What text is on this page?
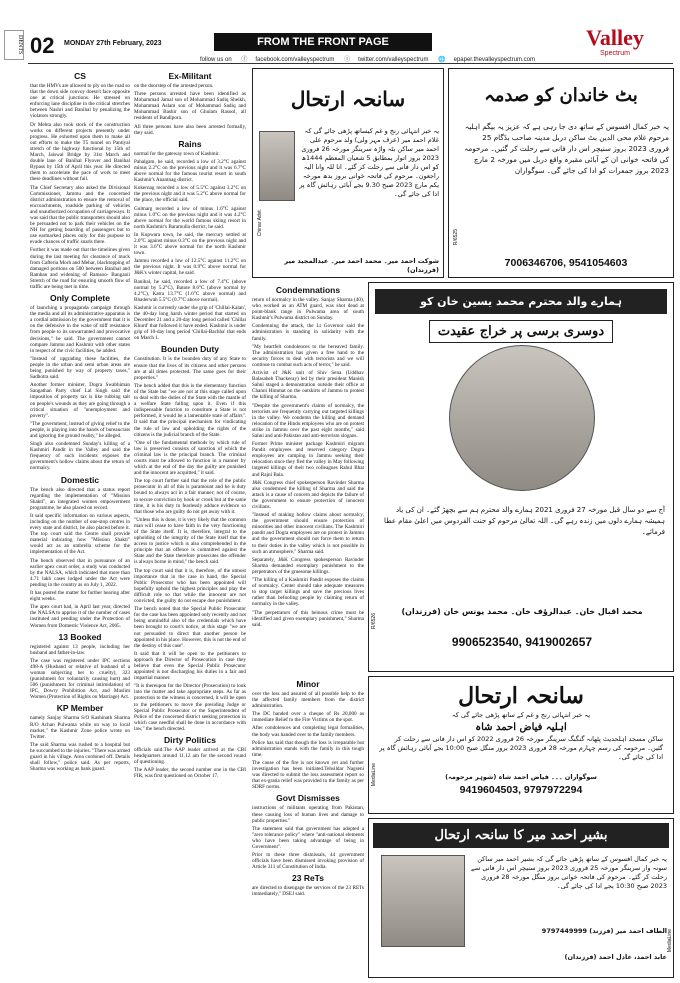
DENTS 02 MONDAY 27th February, 2023	FROM THE FRONT PAGE
follow us on ⓕ facebook.com/valleyspectrum ⓣ twitter.com/valleyspectrum 🌐 epaper.thevalleyspectrum.com
Valley
Spectrum
CS

that the HMVs are allowed to ply on the road so that the down side convoy doesn't face opposite one at critical junctions. He stressed on enforcing lane discipline in the critical stretches between Nashri and Banihal by penalizing the violators strongly.

Dr Mehta also took stock of the construction works on different projects presently under progress. He exhorted upon them to make all out efforts to make the T5 tunnel on Pantiyal stretch of the highway functional by 15th of March, Jaiswal Bridge by 31st March and double lane of Banihal Flyover and Banihal Bypass by 15th of April this year. He directed them to accelerate the pace of work to meet these deadlines without fail.

The Chief Secretary also asked the Divisional Commissioner, Jammu and the concerned district administration to ensure the removal of encroachments, roadside parking of vehicles and unauthorized occupation of carriageways. It was said that the public transporters should also be persuaded not to park their vehicles on the NH for getting boarding of passengers but to use earmarked places only for this purpose to evade chances of traffic snarls there.

Further it was made out that the timelines given during the last meeting for clearance of muck from Cafteria Morh and Mehar, blacktopping of damaged portions on 500 between Banihal and Ramban and widening of Ramsoo- Banganii Stretch of the road for ensuring smooth flow of traffic are being met in time.

Only Complete

of launching a propaganda campaign through the media and all its administrative apparatus is a cordial admission by the government that it is on the defensive in the wake of stiff resistance from people to its unwarranted and provocative decisions," he said. The government cannot compare Jammu and Kashmir with other states in respect of the civic facilities, he added.

"Instead of upgrading these facilities, the people in the urban and semi urban areas are being punished by way of property taxes," Sadhotra said.

Another former minister, Dogra Swabhiman Sangathan Party chief Lal Singh said the imposition of property tax is like rubbing salt on people's wounds as they are going through a critical situation of "unemployment and poverty".

"The government, instead of giving relief to the people, is playing into the hands of bureaucrats and ignoring the ground reality," he alleged.

Singh also condemned Sunday's killing of a Kashmiri Pandit in the Valley and said the frequency of such incidents exposes the government's hollow claims about the return of normalcy.

Domestic

The bench also directed that a status report regarding the implementation of "Mission Shakti", an integrated women empowerment programme, be also placed on record.

It said specific information on various aspects, including on the number of one-stop centres in every state and district, be also placed before it. The top court said the Centre shall provide material indicating how "Mission Shakti" would act as an umbrella scheme for the implementation of the Act.

The bench observed that in pursuance of an earlier apex court order, a study was conducted by the NALSA, which indicated that more than 4.71 lakh cases lodged under the Act were pending in the country as on July 1, 2022.

It has posted the matter for further hearing after eight weeks.

The apex court had, in April last year, directed the NALSA to apprise it of the number of cases instituted and pending under the Protection of Women from Domestic Violence Act, 2005.

13 Booked

registered against 13 people, including her husband and father-in-law.

The case was registered under IPC sections 498-A (Husband or relative of husband of a woman subjecting her to cruelty), 323 (punishment for voluntarily causing hurt) and 506 (punishment for criminal intimidation) of IPC, Dowry Prohibition Act, and Muslim Women (Protection of Rights on Marriage) Act.

KP Member

namely Sanjay Sharma S/O Kashinath Sharma R/O Achan Pulwama while on way to local market," the Kashmir Zone police wrote on Twitter.

The said Sharma was rushed to a hospital but he succumbed to the injuries. "There was armed guard in his village. Area cordoned off. Details shall follow," police said. As per reports, Sharma was working as bank guard.

Ex-Militant

on the doorstep of the arrested person.

Three persons arrested have been identified as Mohammad Jamal son of Mohammad Sadiq Sheikh, Mohammad Aslam son of Mohammad Sadiq and Mohammad Bashir son of Ghulam Rasool, all residents of Bandipora.

All three persons have also been arrested formally, they said.

Rains

normal for the gateway town of Kashmir.

Pahalgam, he said, recorded a low of 3.2°C against minus 2.2°C on the previous night and it was 6.7°C above normal for the famous tourist resort in south Kashmir's Anantnag district.

Kokernag recorded a low of 5.5°C against 3.2°C on the previous night and it was 5.2°C above normal for the place, the official said.

Gulmarg recorded a low of minus 1.6°C against minus 1.0°C on the previous night and it was 4.2°C above normal for the world famous skiing resort in north Kashmir's Baramulla district, he said.

In Kupwara town, he said, the mercury settled at 2.0°C against minus 0.3°C on the previous night and it was 3.6°C above normal for the north Kashmir town.

Jammu recorded a low of 12.5°C against 11.2°C on the previous night. It was 0.9°C above normal for J&K's winter capital, he said.

Banihal, he said, recorded a low of 7.4°C (above normal by 5.2°C), Batote 8.6°C (above normal by 4.2°C), Katra 13.7°C (1.6°C above normal) and Bhaderwah 5.5°C (0.7°C above normal).

Kashmir is currently under the grip of 'Chillai-Kalan', the 40-day long harsh winter period that started on December 21 and a 20-day long period called 'Chillai Khurd' that followed it have ended. Kashmir is under grip of 10-day long period 'Chillai-Bachha' that ends on March 1.

Bounden Duty

Constitution. It is the bounden duty of any State to ensure that the lives of its citizens and other persons are at all times protected. The same goes for their properties."

The bench added that this is the elementary function of the State but "we are not at this stage called upon to deal with the duties of the State with the mantle of a welfare State falling upon it. Even if this indispensable function to constitute a State is not performed, it would be a lamentable state of affairs". It said that the principal mechanism for vindicating the rule of law and upholding the rights of the citizens is the judicial branch of the State.

"One of the fundamental methods by which rule of law is preserved consists of sanction of which the criminal law is the principal branch. The criminal courts must be allowed to function in a manner by which at the end of the day the guilty are punished and the innocent are acquitted," it said.

The top court further said that the role of the public prosecutor in all of this is paramount and he is duty bound to always act in a fair manner; not of course, to secure conviction by hook or crook but at the same time, it is his duty to fearlessly adduce evidence so that those who are guilty do not get away with it.

"Unless this is done, it is very likely that the common man will cease to have faith in the very functioning of the State itself. It is, therefore, integral to the upholding of the integrity of the State itself that the access to justice which is also comprehended in the principle that an offence is committed against the State and the State therefore prosecutes the offender is always borne in mind," the bench said.

The top court said that it is, therefore, of the utmost importance that in the case in hand, the Special Public Prosecutor who has been appointed will hopefully uphold the highest principles and play the difficult role so that while the innocent are not convicted, the guilty do not escape due punishment.

The bench noted that the Special Public Prosecutor for the case has been appointed only recently and not being unmindful also of the credentials which have been brought to court's notice, at this stage "we are not persuaded to direct that another person be appointed in his place. However, this is not the end of the destiny of this case".

It said that it will be open to the petitioners to approach the Director of Prosecution in case they believe that even the Special Public Prosecutor appointed is not discharging his duties in a fair and impartial manner.

"It is thereupon for the Director (Prosecution) to look into the matter and take appropriate steps. As far as protection to the witness is concerned, it will be open to the petitioners to move the presiding Judge or Special Public Prosecutor or the Superintendent of Police of the concerned district seeking protection in which case needful shall be done in accordance with law," the bench directed.

Dirty Politics

officials said.The AAP leader arrived at the CBI headquarters around 11.12 am for the second round of questioning.

The AAP leader, the second number one in the CBI FIR, was first questioned on October 17.

سانحہ ارتحال
Chinar Advt.
یہ خبر انتہائی رنج و غم کیساتھ پڑھی جائے گی کہ غلام احمد میر (عرف مہر ولی) ولد مرحوم علی احمد میر ساکن بٹہ واڑہ سرینگر مورخہ 26 فروری 2023 بروز اتوار بمطابق 5 شعبان المعظم 1444ھ کو اس دار فانی سے رحلت کر گئے۔ انا للہ وانا الیہ راجعون۔ مرحوم کی فاتحہ خوانی بروز بدھ مورخہ یکم مارچ 2023 صبح 9.30 بجے آبائی رہائش گاہ پر ادا کی جائے گی۔
شوکت احمد میر۔ محمد احمد میر۔ عبدالمجید میر (فرزندان)
بٹ خاندان کو صدمہ
R/6525
یہ خبر کمال افسوس کے ساتھ دی جا رہی ہے کہ عزیز یہ بیگم اہلیہ مرحوم غلام محی الدین بٹ ساکن دربل مدینہ صاحب بڈگام 25 فروری 2023 بروز سنیچر اس دار فانی سے رحلت کر گئیں۔ مرحومہ کی فاتحہ خوانی ان کے آبائی مقبرہ واقع دربل میں مورخہ 2 مارچ 2023 بروز جمعرات کو ادا کی جائے گی۔ سوگواران
7006346706, 9541054603
Condemnations

return of normalcy in the valley. Sanjay Sharma (40), who worked as an ATM guard, was shot dead at point-blank range in Pulwama area of south Kashmir's Pulwama district on Sunday.

Condemning the attack, the Lt Governor said the administration is standing in solidarity with the family.

"My heartfelt condolences to the bereaved family. The administration has given a free hand to the security forces to deal with terrorists and we will continue to combat such acts of terror," he said.

Activist of J&K unit of Shiv Sena (Uddhav Balasaheb Thackeray) led by their president Manish Sahni staged a demonstration outside their office at Channi Himmat on the outskirts of Jammu to protest the killing of Sharma.

"Despite the government's claims of normalcy, the terrorists are frequently carrying out targeted killings in the valley. We condemn the killing and demand relocation of the Hindu employees who are on protest strike in Jammu over the past eight months," said Sahni and anti-Pakistan and anti-terrorism slogans.

Former Prime minister package Kashmiri migrant Pandit employees and reserved category Dogra employees are camping in Jammu seeking their relocation since they fled the valley in May following targeted killings of their two colleagues Rahul Bhat and Rajni Bala.

J&K Congress chief spokesperson Ravinder Sharma also condemned the killing of Sharma and said the attack is a cause of concern and depicts the failure of the government to ensure protection of innocent civilians.

"Instead of making hollow claims about normalcy, the government should ensure protection of minorities and other innocent civilians. The Kashmiri pandit and Dogra employees are on protest in Jammu and the government should not force them to return to their duties in the valley which is not possible in such an atmosphere," Sharma said.

Separately, J&K Congress spokesperson Ravinder Sharma demanded exemplary punishment to the perpetrators of the gruesome killings.

"The killing of a Kashmiri Pandit exposes the claims of normalcy. Center should take adequate measures to stop target killings and save the precious lives rather than befooling people by claiming return of normalcy in the valley.

"The perpetrators of this heinous crime must be identified and given exemplary punishment," Sharma said.

ہمارے والد محترم محمد یسین خان کو
دوسری برسی پر خراج عقیدت
آج سے دو سال قبل مورخہ 27 فروری 2021 ہمارے والد محترم ہم سے بچھڑ گئے۔ ان کی یاد ہمیشہ ہمارے دلوں میں زندہ رہے گی۔ اللہ تعالیٰ مرحوم کو جنت الفردوس میں اعلیٰ مقام عطا فرمائے۔
محمد اقبال خان۔ عبدالرؤف خان۔ محمد یونس خان (فرزندان)
R/6526
9906523540, 9419002657
Minor

over the loss and assured of all possible help to the the affected family members from the district administration.

The DC handed over a cheque of Rs 20,000 as immediate Relief to the Fire Victims on the spot.

After condolences and completing legal formalities, the body was handed over to the family members.

Police has said that though the loss is irreparable but administration stands with the family in this tough time.

The cause of the fire is not known yet and further investigation has been initiated.Tehsildar Nagseni was directed to submit the loss assessment report so that ex-gratia relief was provided to the family as per SDRF norms.

Govt Dismisses

instructions of militants operating from Pakistan, these causing loss of human lives and damage to public properties."

The statement said that government has adopted a "zero tolerance policy" where "anti-national elements who have been taking advantage of being in Government".

Prior to these three dismissals, 44 government officials have been dismissed invoking provision of Article 311 of Constitution of India.

23 ReTs

are directed to disengage the services of the 23 RETs immediately," DSEJ said.

سانحہ ارتحال
یہ خبر انتہائی رنج و غم کے ساتھ پڑھی جائے گی کہ
اہلیہ فیاض احمد شاہ
ساکن مسجد اہلحدیث پٹھانہ گنگبگ سرینگر مورخہ 26 فروری 2022 کو اس دار فانی سے رحلت کر گئیں۔ مرحومہ کی رسم چہارم مورخہ 28 فروری 2023 بروز منگل صبح 10:00 بجے آبائی رہائش گاہ پر ادا کی جائے گی۔
سوگواران ۔۔۔ فیاض احمد شاہ (شوہر مرحومہ)
9419604503, 9797972294
MediaLine
بشیر احمد میر کا سانحہ ارتحال
یہ خبر کمال افسوس کے ساتھ پڑھی جائے گی کہ بشیر احمد میر ساکن سونہ وار سرینگر مورخہ 25 فروری 2023 بروز سنیچر اس دار فانی سے رحلت کر گئے۔ مرحوم کی فاتحہ خوانی بروز منگل مورخہ 28 فروری 2023 صبح 10:30 بجے ادا کی جائے گی۔
الطاف احمد میر (فرزند) 9797449999
عابد احمد، عادل احمد (فرزندان)
MediaLine
